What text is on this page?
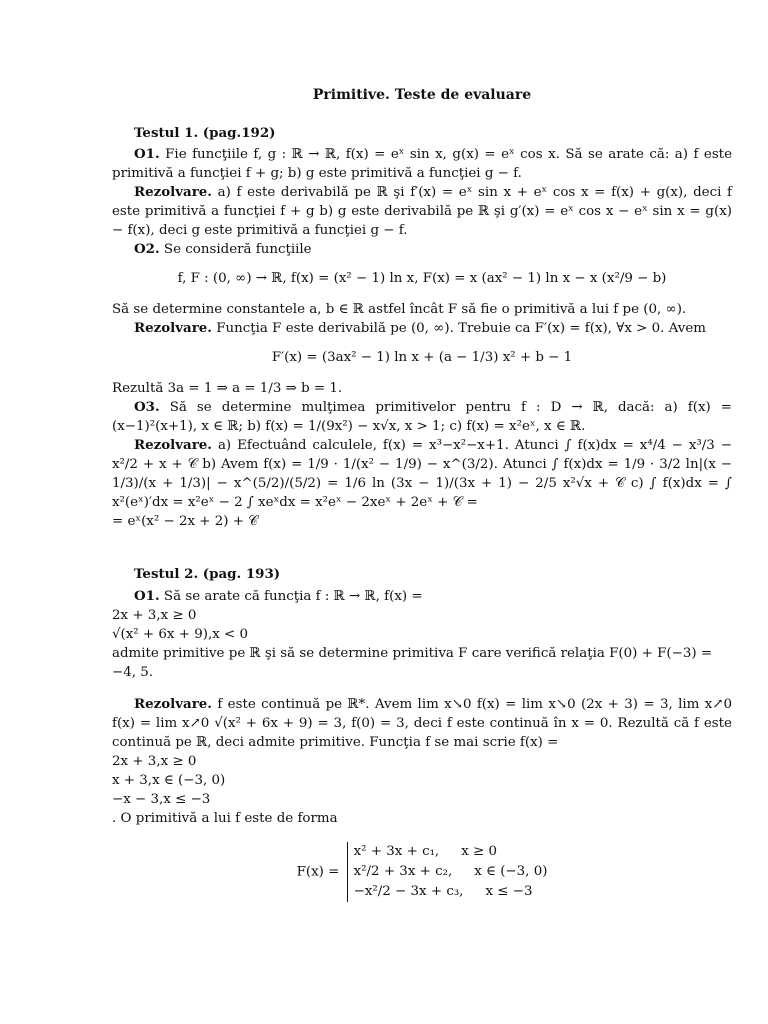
Primitive. Teste de evaluare
Testul 1. (pag.192)

O1. Fie funcţiile f, g : ℝ → ℝ, f(x) = eˣ sin x, g(x) = eˣ cos x. Să se arate că: a) f este primitivă a funcţiei f + g; b) g este primitivă a funcţiei g − f.

Rezolvare. a) f este derivabilă pe ℝ şi f′(x) = eˣ sin x + eˣ cos x = f(x) + g(x), deci f este primitivă a funcţiei f + g b) g este derivabilă pe ℝ şi g′(x) = eˣ cos x − eˣ sin x = g(x) − f(x), deci g este primitivă a funcţiei g − f.

O2. Se consideră funcţiile

f, F : (0, ∞) → ℝ, f(x) = (x² − 1) ln x, F(x) = x (ax² − 1) ln x − x (x²/9 − b)

Să se determine constantele a, b ∈ ℝ astfel încât F să fie o primitivă a lui f pe (0, ∞).

Rezolvare. Funcţia F este derivabilă pe (0, ∞). Trebuie ca F′(x) = f(x), ∀x > 0. Avem

F′(x) = (3ax² − 1) ln x + (a − 1/3) x² + b − 1

Rezultă 3a = 1 ⇒ a = 1/3 ⇒ b = 1.

O3. Să se determine mulţimea primitivelor pentru f : D → ℝ, dacă: a) f(x) = (x−1)²(x+1), x ∈ ℝ; b) f(x) = 1/(9x²) − x√x, x > 1; c) f(x) = x²eˣ, x ∈ ℝ.

Rezolvare. a) Efectuând calculele, f(x) = x³−x²−x+1. Atunci ∫ f(x)dx = x⁴/4 − x³/3 − x²/2 + x + 𝒞 b) Avem f(x) = 1/9 · 1/(x² − 1/9) − x^(3/2). Atunci ∫ f(x)dx = 1/9 · 3/2 ln|(x − 1/3)/(x + 1/3)| − x^(5/2)/(5/2) = 1/6 ln (3x − 1)/(3x + 1) − 2/5 x²√x + 𝒞 c) ∫ f(x)dx = ∫ x²(eˣ)′dx = x²eˣ − 2 ∫ xeˣdx = x²eˣ − 2xeˣ + 2eˣ + 𝒞 =

= eˣ(x² − 2x + 2) + 𝒞

Testul 2. (pag. 193)

O1. Să se arate că funcţia f : ℝ → ℝ, f(x) =

2x + 3,x ≥ 0
√(x² + 6x + 9),x < 0
admite primitive pe ℝ şi să se determine primitiva F care verifică relaţia F(0) + F(−3) = −4, 5.

Rezolvare. f este continuă pe ℝ*. Avem lim x↘0 f(x) = lim x↘0 (2x + 3) = 3, lim x↗0 f(x) = lim x↗0 √(x² + 6x + 9) = 3, f(0) = 3, deci f este continuă în x = 0. Rezultă că f este continuă pe ℝ, deci admite primitive. Funcţia f se mai scrie f(x) =

2x + 3,x ≥ 0
x + 3,x ∈ (−3, 0)
−x − 3,x ≤ −3
. O primitivă a lui f este de forma

F(x) =
x² + 3x + c₁, x ≥ 0
x²/2 + 3x + c₂, x ∈ (−3, 0)
−x²/2 − 3x + c₃, x ≤ −3
